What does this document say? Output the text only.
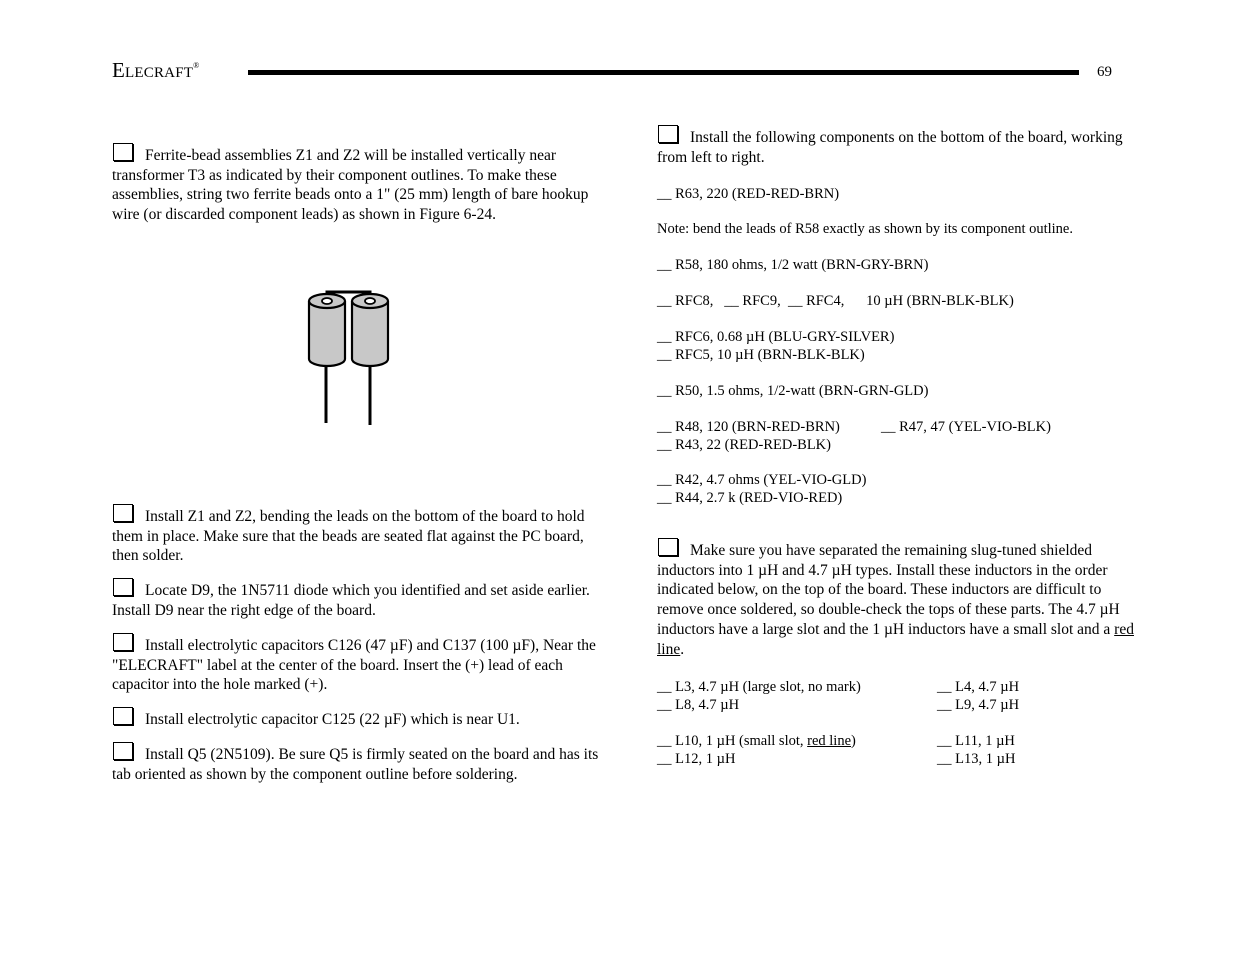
ELECRAFT®	69
Ferrite-bead assemblies Z1 and Z2 will be installed vertically near transformer T3 as indicated by their component outlines. To make these assemblies, string two ferrite beads onto a 1" (25 mm) length of bare hookup wire (or discarded component leads) as shown in Figure 6-24.
Install Z1 and Z2, bending the leads on the bottom of the board to hold them in place. Make sure that the beads are seated flat against the PC board, then solder.
Locate D9, the 1N5711 diode which you identified and set aside earlier. Install D9 near the right edge of the board.
Install electrolytic capacitors C126 (47 µF) and C137 (100 µF), Near the "ELECRAFT" label at the center of the board. Insert the (+) lead of each capacitor into the hole marked (+).
Install electrolytic capacitor C125 (22 µF) which is near U1.
Install Q5 (2N5109). Be sure Q5 is firmly seated on the board and has its tab oriented as shown by the component outline before soldering.
Install the following components on the bottom of the board, working from left to right.
__ R63, 220 (RED-RED-BRN)
Note: bend the leads of R58 exactly as shown by its component outline.
__ R58, 180 ohms, 1/2 watt (BRN-GRY-BRN)
__ RFC8,   __ RFC9,  __ RFC4,      10 µH (BRN-BLK-BLK)
__ RFC6, 0.68 µH (BLU-GRY-SILVER)
__ RFC5, 10 µH (BRN-BLK-BLK)
__ R50, 1.5 ohms, 1/2-watt (BRN-GRN-GLD)
__ R48, 120 (BRN-RED-BRN)	__ R47, 47 (YEL-VIO-BLK)
__ R43, 22 (RED-RED-BLK)
__ R42, 4.7 ohms (YEL-VIO-GLD)
__ R44, 2.7 k (RED-VIO-RED)
Make sure you have separated the remaining slug-tuned shielded inductors into 1 µH and 4.7 µH types. Install these inductors in the order indicated below, on the top of the board. These inductors are difficult to remove once soldered, so double-check the tops of these parts. The 4.7 µH inductors have a large slot and the 1 µH inductors have a small slot and a red line.
__ L3, 4.7 µH (large slot, no mark)	__ L4, 4.7 µH
__ L8, 4.7 µH	__ L9, 4.7 µH
__ L10, 1 µH (small slot, red line)	__ L11, 1 µH
__ L12, 1 µH	__ L13, 1 µH
